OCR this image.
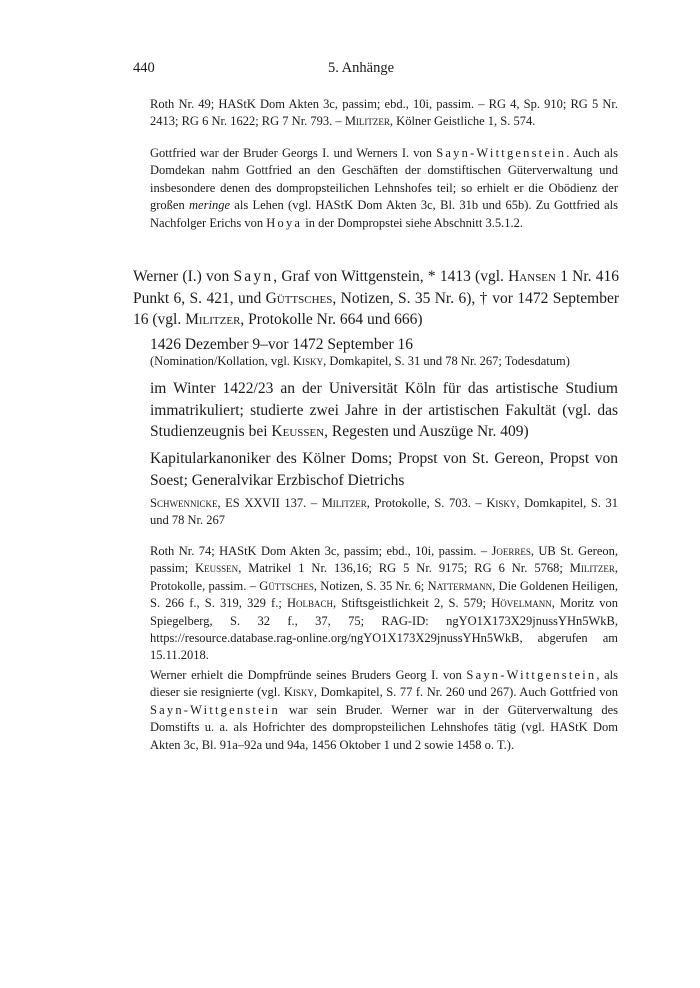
440	5. Anhänge

Roth Nr. 49; HAStK Dom Akten 3c, passim; ebd., 10i, passim. – RG 4, Sp. 910; RG 5 Nr. 2413; RG 6 Nr. 1622; RG 7 Nr. 793. – Militzer, Kölner Geistliche 1, S. 574.

Gottfried war der Bruder Georgs I. und Werners I. von Sayn-Wittgenstein. Auch als Domdekan nahm Gottfried an den Geschäften der domstiftischen Güterverwaltung und insbesondere denen des dompropsteilichen Lehnshofes teil; so erhielt er die Obödienz der großen meringe als Lehen (vgl. HAStK Dom Akten 3c, Bl. 31b und 65b). Zu Gottfried als Nachfolger Erichs von Hoya in der Dompropstei siehe Abschnitt 3.5.1.2.

Werner (I.) von Sayn, Graf von Wittgenstein, * 1413 (vgl. Hansen 1 Nr. 416 Punkt 6, S. 421, und Güttsches, Notizen, S. 35 Nr. 6), † vor 1472 September 16 (vgl. Militzer, Protokolle Nr. 664 und 666)

1426 Dezember 9–vor 1472 September 16

(Nomination/Kollation, vgl. Kisky, Domkapitel, S. 31 und 78 Nr. 267; Todesdatum)

im Winter 1422/23 an der Universität Köln für das artistische Studium immatrikuliert; studierte zwei Jahre in der artistischen Fakultät (vgl. das Studienzeugnis bei Keussen, Regesten und Auszüge Nr. 409)

Kapitularkanoniker des Kölner Doms; Propst von St. Gereon, Propst von Soest; Generalvikar Erzbischof Dietrichs

Schwennicke, ES XXVII 137. – Militzer, Protokolle, S. 703. – Kisky, Domkapitel, S. 31 und 78 Nr. 267

Roth Nr. 74; HAStK Dom Akten 3c, passim; ebd., 10i, passim. – Joerres, UB St. Gereon, passim; Keussen, Matrikel 1 Nr. 136,16; RG 5 Nr. 9175; RG 6 Nr. 5768; Militzer, Protokolle, passim. – Güttsches, Notizen, S. 35 Nr. 6; Nattermann, Die Goldenen Heiligen, S. 266 f., S. 319, 329 f.; Holbach, Stiftsgeistlichkeit 2, S. 579; Hövelmann, Moritz von Spiegelberg, S. 32 f., 37, 75; RAG-ID: ngYO1X173X29jnussYHn5WkB, https://resource.database.rag-online.org/ngYO1X173X29jnussYHn5WkB, abgerufen am 15.11.2018.

Werner erhielt die Dompfründe seines Bruders Georg I. von Sayn-Wittgenstein, als dieser sie resignierte (vgl. Kisky, Domkapitel, S. 77 f. Nr. 260 und 267). Auch Gottfried von Sayn-Wittgenstein war sein Bruder. Werner war in der Güterverwaltung des Domstifts u. a. als Hofrichter des dompropsteilichen Lehnshofes tätig (vgl. HAStK Dom Akten 3c, Bl. 91a–92a und 94a, 1456 Oktober 1 und 2 sowie 1458 o. T.).
